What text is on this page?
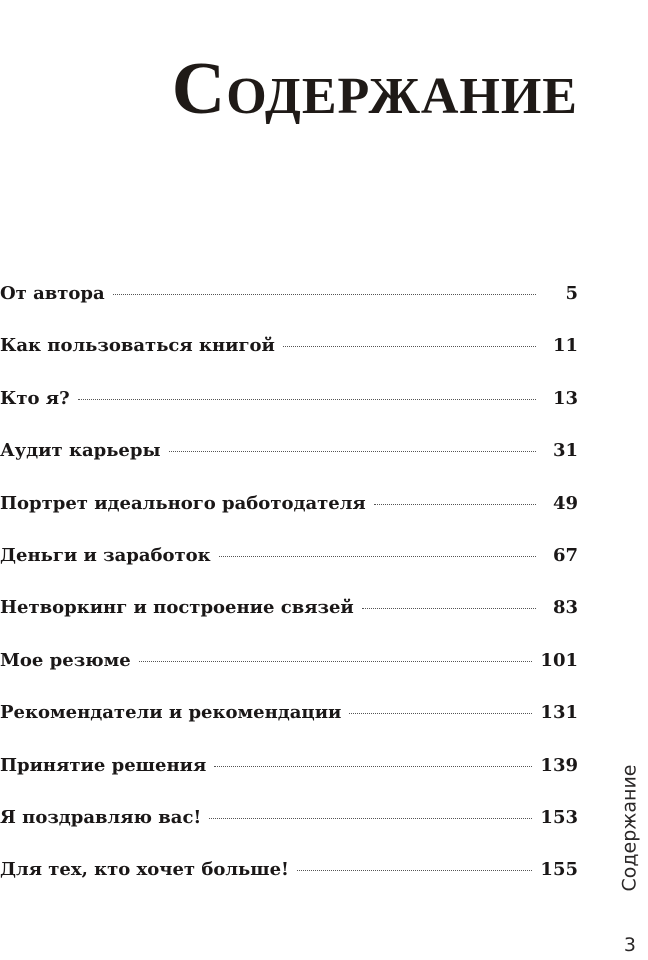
Содержание
От автора	5
Как пользоваться книгой	11
Кто я?	13
Аудит карьеры	31
Портрет идеального работодателя	49
Деньги и заработок	67
Нетворкинг и построение связей	83
Мое резюме	101
Рекомендатели и рекомендации	131
Принятие решения	139
Я поздравляю вас!	153
Для тех, кто хочет больше!	155 Содержание
3
